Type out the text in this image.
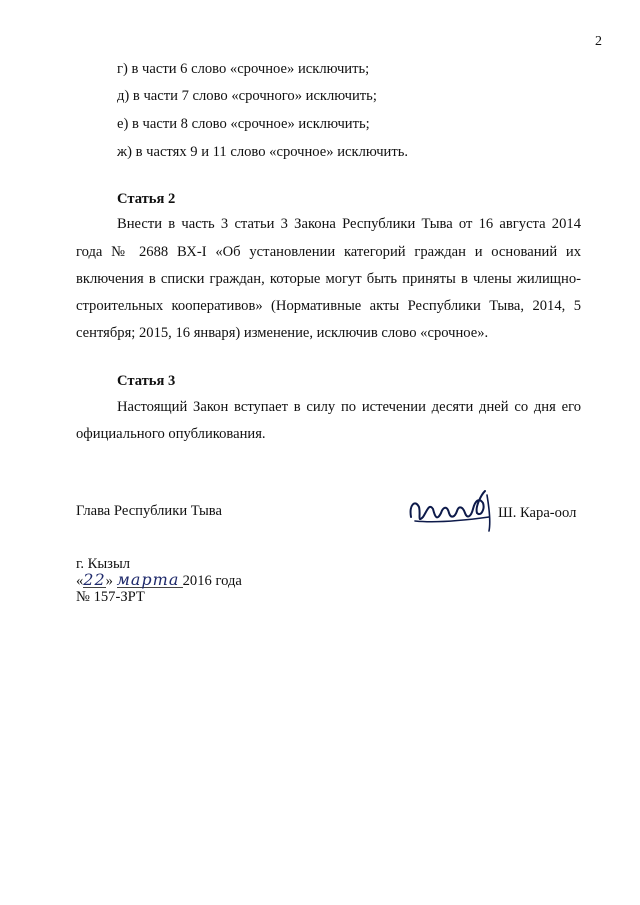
2
г) в части 6 слово «срочное» исключить;
д) в части 7 слово «срочного» исключить;
е) в части 8 слово «срочное» исключить;
ж) в частях 9 и 11 слово «срочное» исключить.
Статья 2
Внести в часть 3 статьи 3 Закона Республики Тыва от 16 августа 2014
года № 2688 ВХ-I «Об установлении категорий граждан и оснований их
включения в списки граждан, которые могут быть приняты в члены жилищно-
строительных кооперативов» (Нормативные акты Республики Тыва, 2014, 5
сентября; 2015, 16 января) изменение, исключив слово «срочное».
Статья 3
Настоящий Закон вступает в силу по истечении десяти дней со дня его
официального опубликования.
Глава Республики Тыва	Ш. Кара-оол
г. Кызыл
«22» марта 2016 года
№ 157-ЗРТ
